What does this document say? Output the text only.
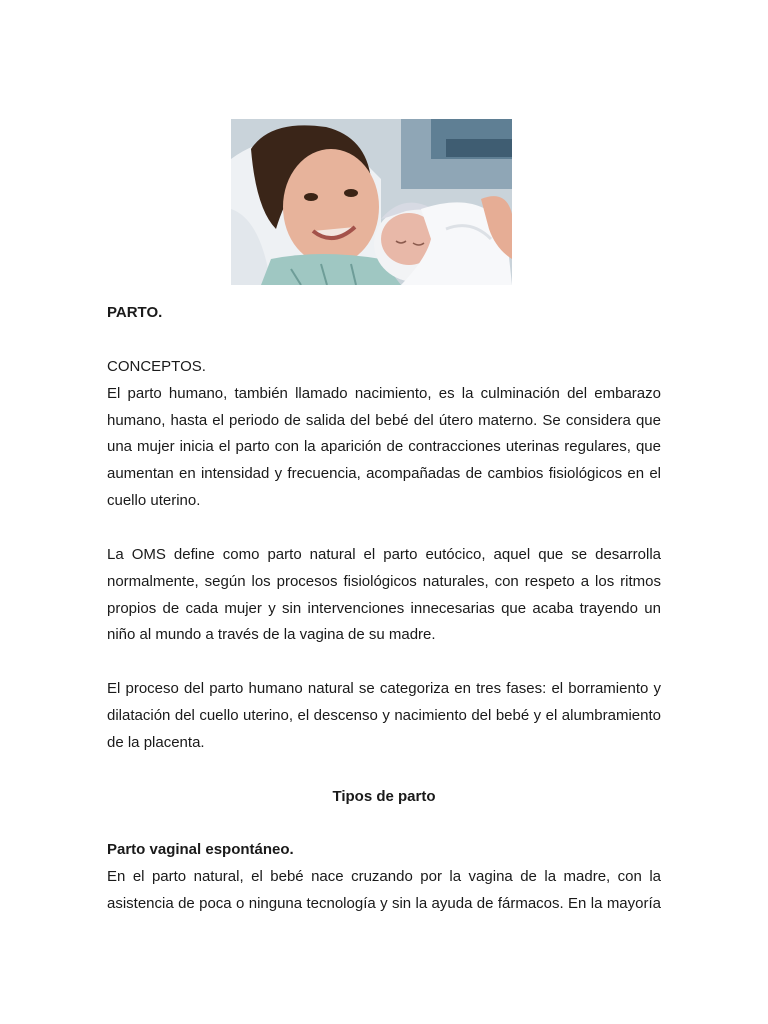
PARTO.
CONCEPTOS.

El parto humano, también llamado nacimiento, es la culminación del embarazo humano, hasta el periodo de salida del bebé del útero materno. Se considera que una mujer inicia el parto con la aparición de contracciones uterinas regulares, que aumentan en intensidad y frecuencia, acompañadas de cambios fisiológicos en el cuello uterino.

La OMS define como parto natural el parto eutócico, aquel que se desarrolla normalmente, según los procesos fisiológicos naturales, con respeto a los ritmos propios de cada mujer y sin intervenciones innecesarias que acaba trayendo un niño al mundo a través de la vagina de su madre.

El proceso del parto humano natural se categoriza en tres fases: el borramiento y dilatación del cuello uterino, el descenso y nacimiento del bebé y el alumbramiento de la placenta.

Tipos de parto
Parto vaginal espontáneo.

En el parto natural, el bebé nace cruzando por la vagina de la madre, con la asistencia de poca o ninguna tecnología y sin la ayuda de fármacos. En la mayoría
